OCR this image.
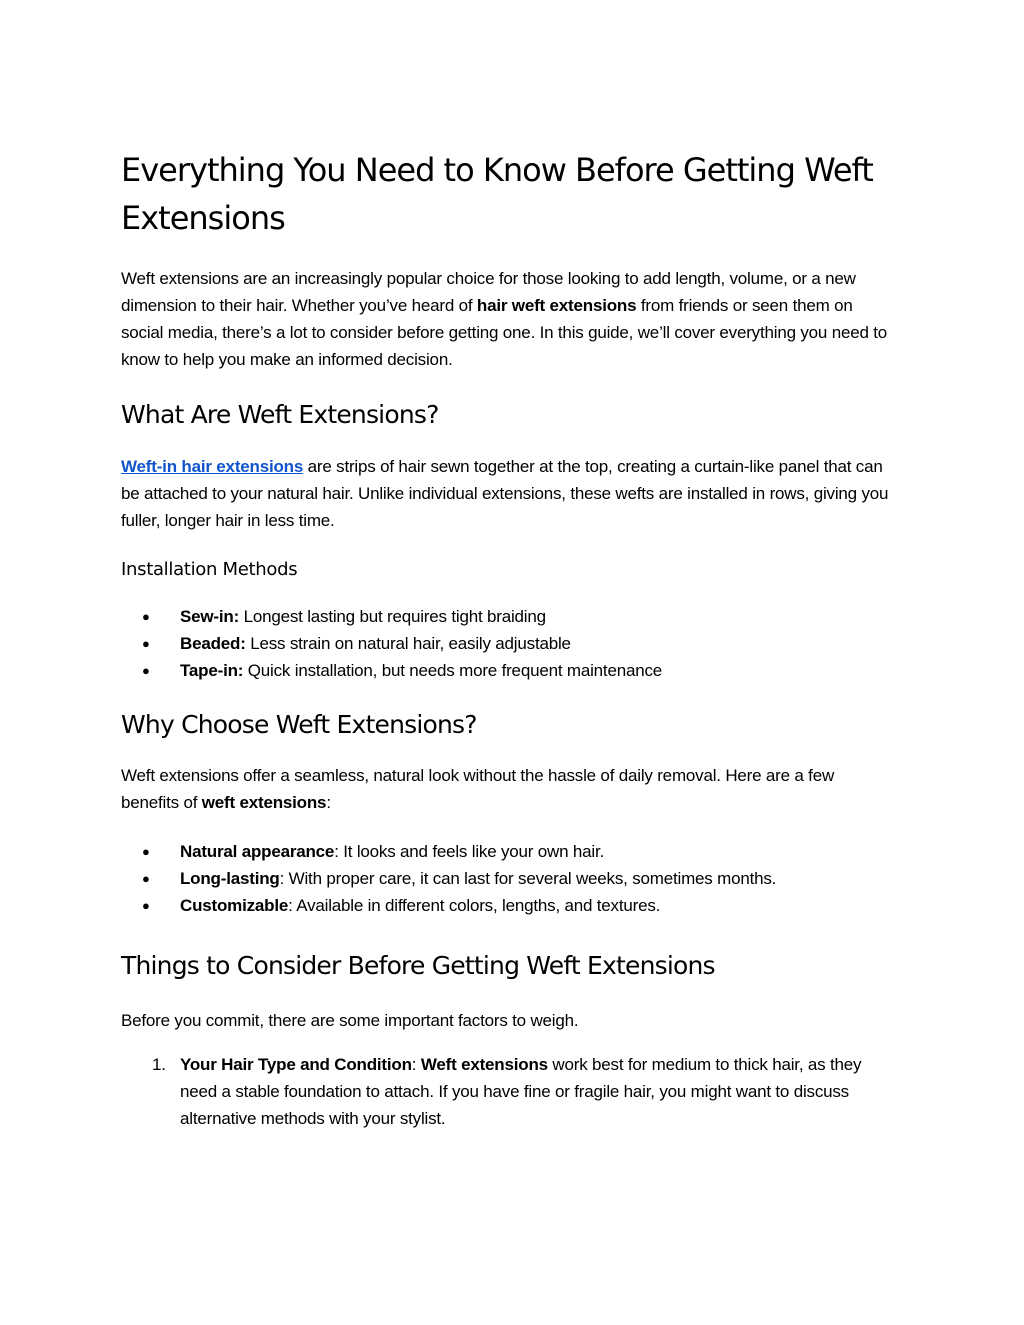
Everything You Need to Know Before Getting Weft Extensions

Weft extensions are an increasingly popular choice for those looking to add length, volume, or a new dimension to their hair. Whether you’ve heard of hair weft extensions from friends or seen them on social media, there’s a lot to consider before getting one. In this guide, we’ll cover everything you need to know to help you make an informed decision.

What Are Weft Extensions?

Weft-in hair extensions are strips of hair sewn together at the top, creating a curtain-like panel that can be attached to your natural hair. Unlike individual extensions, these wefts are installed in rows, giving you fuller, longer hair in less time.

Installation Methods
● Sew-in: Longest lasting but requires tight braiding
● Beaded: Less strain on natural hair, easily adjustable
● Tape-in: Quick installation, but needs more frequent maintenance
Why Choose Weft Extensions?

Weft extensions offer a seamless, natural look without the hassle of daily removal. Here are a few benefits of weft extensions:

● Natural appearance: It looks and feels like your own hair.
● Long-lasting: With proper care, it can last for several weeks, sometimes months.
● Customizable: Available in different colors, lengths, and textures.
Things to Consider Before Getting Weft Extensions

Before you commit, there are some important factors to weigh.

1. Your Hair Type and Condition: Weft extensions work best for medium to thick hair, as they need a stable foundation to attach. If you have fine or fragile hair, you might want to discuss alternative methods with your stylist.
